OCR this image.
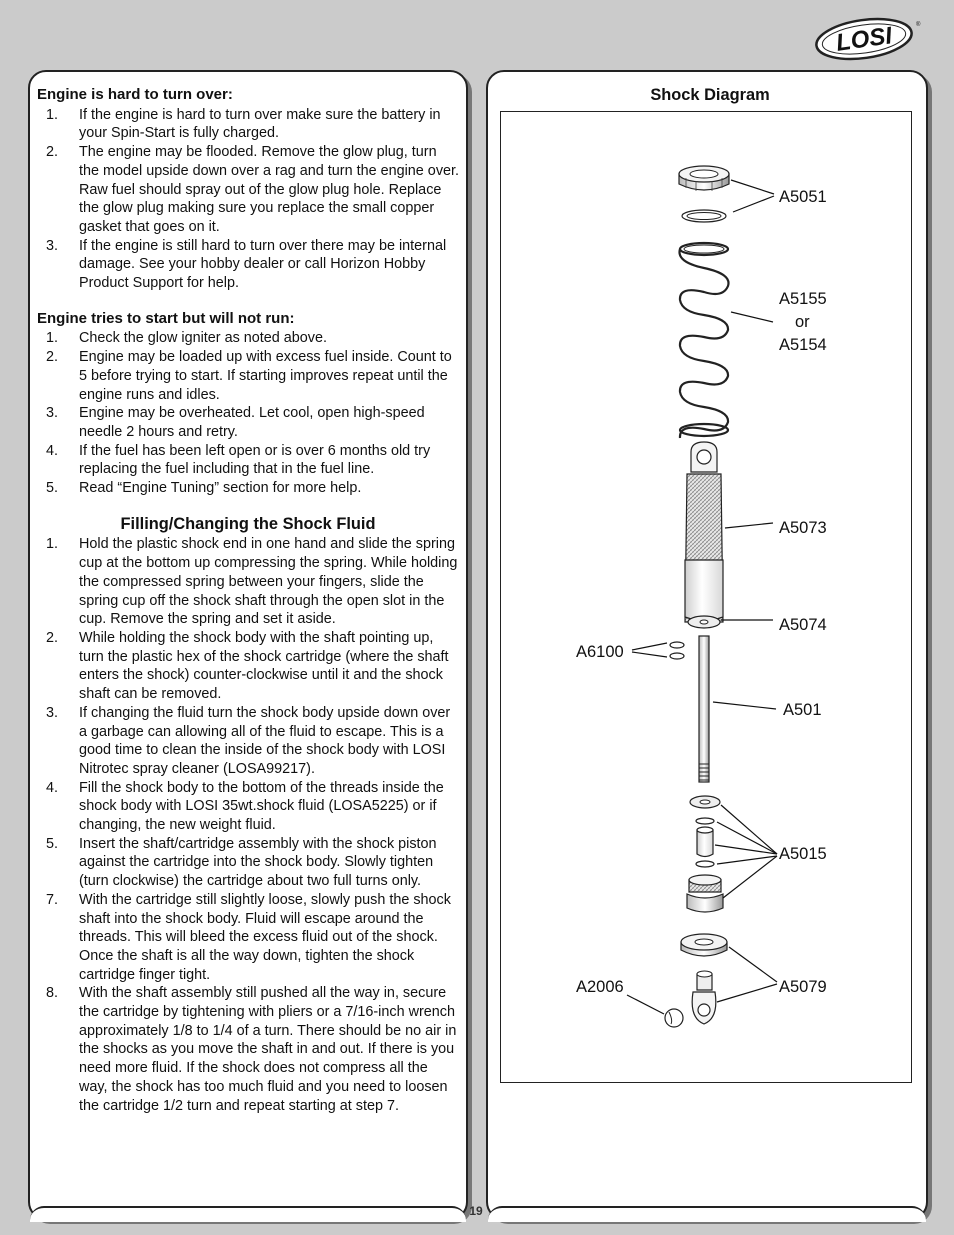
LOSI	®
19
Engine is hard to turn over:
1. If the engine is hard to turn over make sure the battery in your Spin-Start is fully charged.
2. The engine may be flooded. Remove the glow plug, turn the model upside down over a rag and turn the engine over. Raw fuel should spray out of the glow plug hole. Replace the glow plug making sure you replace the small copper gasket that goes on it.
3. If the engine is still hard to turn over there may be internal damage. See your hobby dealer or call Horizon Hobby Product Support for help.
Engine tries to start but will not run:
1. Check the glow igniter as noted above.
2. Engine may be loaded up with excess fuel inside. Count to 5 before trying to start. If starting improves repeat until the engine runs and idles.
3. Engine may be overheated. Let cool, open high-speed needle 2 hours and retry.
4. If the fuel has been left open or is over 6 months old try replacing the fuel including that in the fuel line.
5. Read “Engine Tuning” section for more help.
Filling/Changing the Shock Fluid
1. Hold the plastic shock end in one hand and slide the spring cup at the bottom up compressing the spring. While holding the compressed spring between your fingers, slide the spring cup off the shock shaft through the open slot in the cup. Remove the spring and set it aside.
2. While holding the shock body with the shaft pointing up, turn the plastic hex of the shock cartridge (where the shaft enters the shock) counter-clockwise until it and the shock shaft can be removed.
3. If changing the fluid turn the shock body upside down over a garbage can allowing all of the fluid to escape. This is a good time to clean the inside of the shock body with LOSI Nitrotec spray cleaner (LOSA99217).
4. Fill the shock body to the bottom of the threads inside the shock body with LOSI 35wt.shock fluid (LOSA5225) or if changing, the new weight fluid.
5. Insert the shaft/cartridge assembly with the shock piston against the cartridge into the shock body. Slowly tighten (turn clockwise) the cartridge about two full turns only.
7. With the cartridge still slightly loose, slowly push the shock shaft into the shock body. Fluid will escape around the threads. This will bleed the excess fluid out of the shock. Once the shaft is all the way down, tighten the shock cartridge finger tight.
8. With the shaft assembly still pushed all the way in, secure the cartridge by tightening with pliers or a 7/16-inch wrench approximately 1/8 to 1/4 of a turn. There should be no air in the shocks as you move the shaft in and out. If there is you need more fluid. If the shock does not compress all the way, the shock has too much fluid and you need to loosen the cartridge 1/2 turn and repeat starting at step 7.
Shock Diagram
A5051
A5155
or
A5154
A5073
A5074
A6100
A501
A5015
A2006	A5079
